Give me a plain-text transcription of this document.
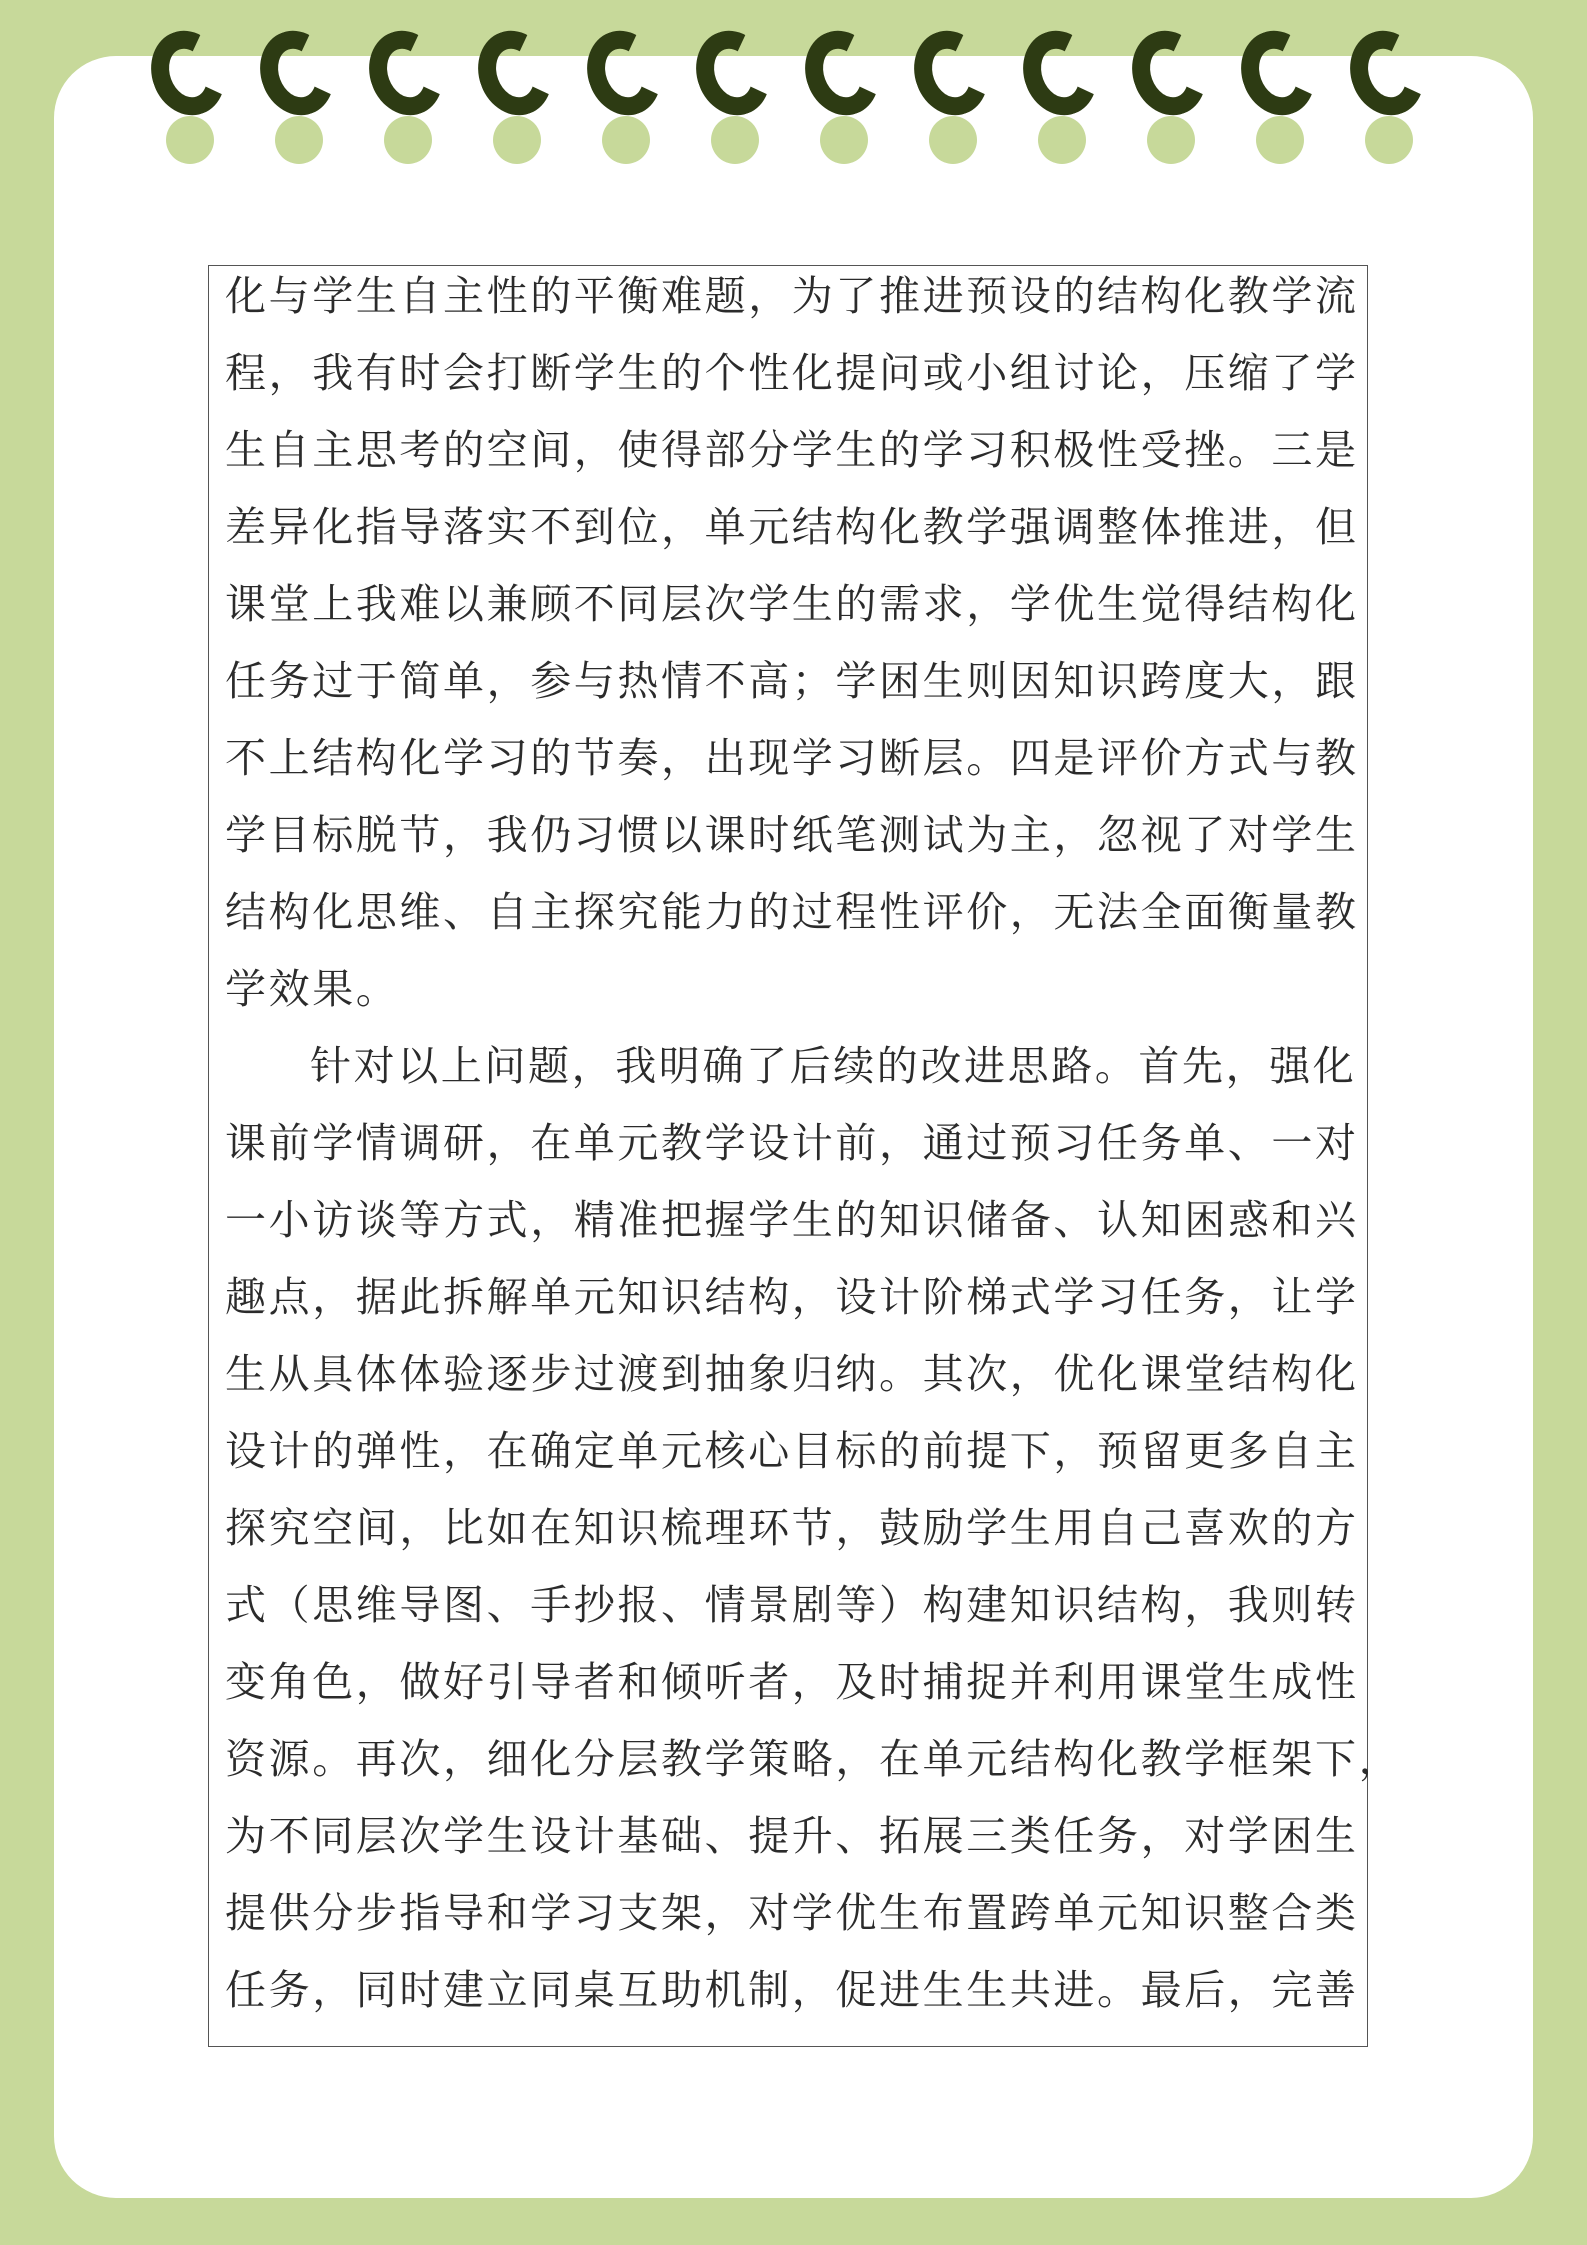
化与学生自主性的平衡难题，为了推进预设的结构化教学流
程，我有时会打断学生的个性化提问或小组讨论，压缩了学
生自主思考的空间，使得部分学生的学习积极性受挫。三是
差异化指导落实不到位，单元结构化教学强调整体推进，但
课堂上我难以兼顾不同层次学生的需求，学优生觉得结构化
任务过于简单，参与热情不高；学困生则因知识跨度大，跟
不上结构化学习的节奏，出现学习断层。四是评价方式与教
学目标脱节，我仍习惯以课时纸笔测试为主，忽视了对学生
结构化思维、自主探究能力的过程性评价，无法全面衡量教
学效果。
针对以上问题，我明确了后续的改进思路。首先，强化
课前学情调研，在单元教学设计前，通过预习任务单、一对
一小访谈等方式，精准把握学生的知识储备、认知困惑和兴
趣点，据此拆解单元知识结构，设计阶梯式学习任务，让学
生从具体体验逐步过渡到抽象归纳。其次，优化课堂结构化
设计的弹性，在确定单元核心目标的前提下，预留更多自主
探究空间，比如在知识梳理环节，鼓励学生用自己喜欢的方
式（思维导图、手抄报、情景剧等）构建知识结构，我则转
变角色，做好引导者和倾听者，及时捕捉并利用课堂生成性
资源。再次，细化分层教学策略，在单元结构化教学框架下，
为不同层次学生设计基础、提升、拓展三类任务，对学困生
提供分步指导和学习支架，对学优生布置跨单元知识整合类
任务，同时建立同桌互助机制，促进生生共进。最后，完善
